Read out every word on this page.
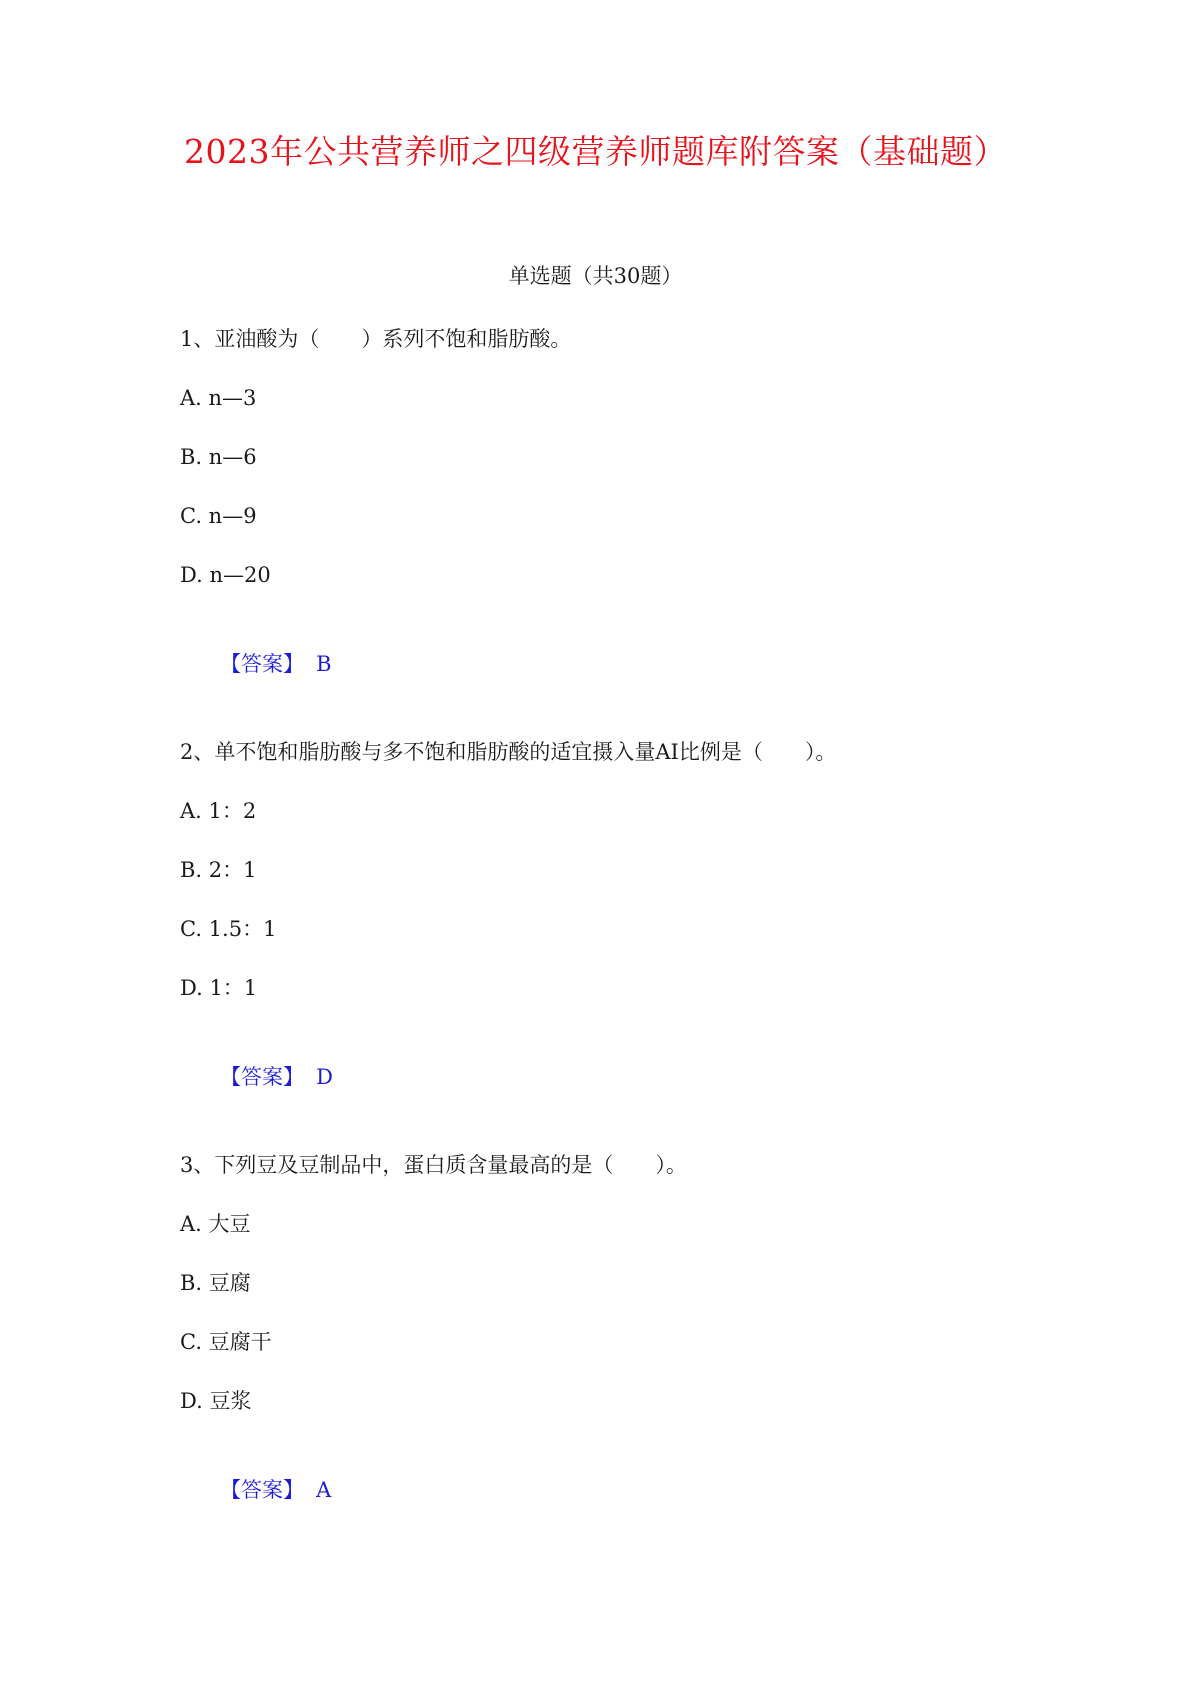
2023年公共营养师之四级营养师题库附答案（基础题）
单选题（共30题）
1、亚油酸为（　　）系列不饱和脂肪酸。
A. n—3
B. n—6
C. n—9
D. n—20

【答案】 B

2、单不饱和脂肪酸与多不饱和脂肪酸的适宜摄入量AI比例是（　　）。
A. 1：2
B. 2：1
C. 1.5：1
D. 1：1

【答案】 D

3、下列豆及豆制品中，蛋白质含量最高的是（　　）。
A. 大豆
B. 豆腐
C. 豆腐干
D. 豆浆

【答案】 A
